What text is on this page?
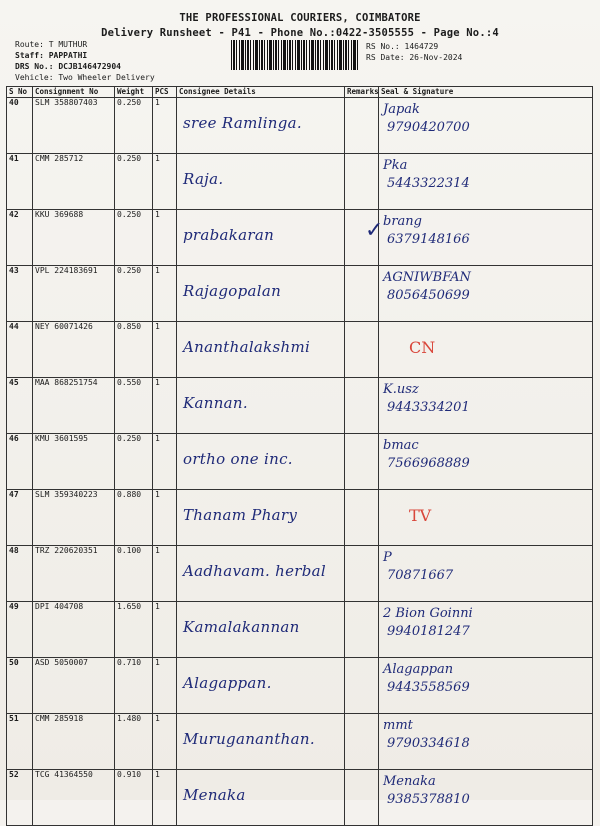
THE PROFESSIONAL COURIERS, COIMBATORE
Delivery Runsheet - P41 - Phone No.:0422-3505555 - Page No.:4
Route: T MUTHUR
Staff: PAPPATHI
DRS No.: DCJB146472904
Vehicle: Two Wheeler Delivery
RS No.: 1464729
RS Date: 26-Nov-2024
S No	Consignment No	Weight	PCS	Consignee Details	Remarks	Seal & Signature
40	SLM 358807403	0.250	1	sree Ramlinga.		Japak
9790420700

41	CMM 285712	0.250	1	Raja.		Pka
5443322314

42	KKU 369688	0.250	1	prabakaran	✓	brang
6379148166

43	VPL 224183691	0.250	1	Rajagopalan		AGNIWBFAN
8056450699

44	NEY 60071426	0.850	1	Ananthalakshmi		CN

45	MAA 868251754	0.550	1	Kannan.		K.usz
9443334201

46	KMU 3601595	0.250	1	ortho one inc.		bmac
7566968889

47	SLM 359340223	0.880	1	Thanam Phary		TV

48	TRZ 220620351	0.100	1	Aadhavam. herbal		P
70871667

49	DPI 404708	1.650	1	Kamalakannan		2 Bion Goinni
9940181247

50	ASD 5050007	0.710	1	Alagappan.		Alagappan
9443558569

51	CMM 285918	1.480	1	Murugananthan.		mmt
9790334618

52	TCG 41364550	0.910	1	Menaka		Menaka
9385378810
